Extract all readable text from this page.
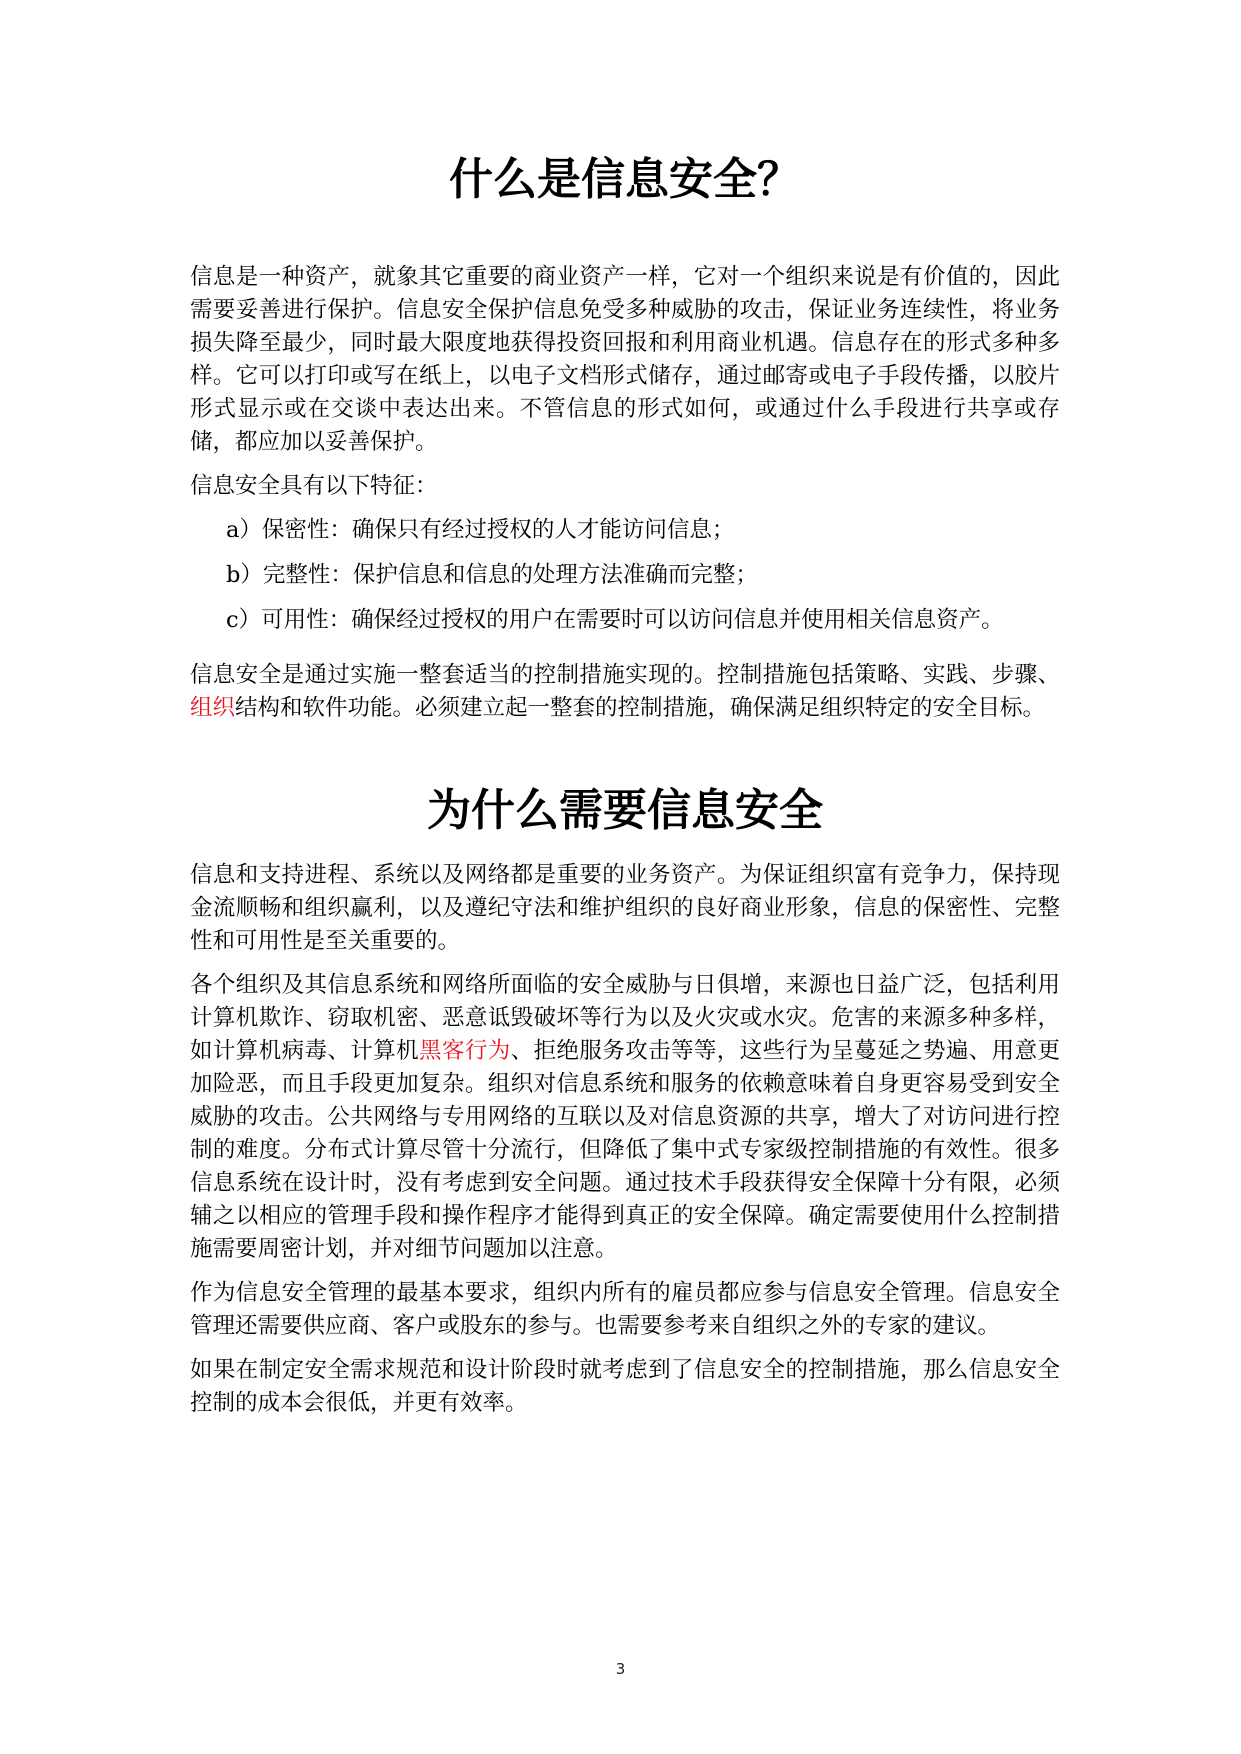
什么是信息安全？

信息是一种资产，就象其它重要的商业资产一样，它对一个组织来说是有价值的，因此需要妥善进行保护。信息安全保护信息免受多种威胁的攻击，保证业务连续性，将业务损失降至最少，同时最大限度地获得投资回报和利用商业机遇。信息存在的形式多种多样。它可以打印或写在纸上，以电子文档形式储存，通过邮寄或电子手段传播，以胶片形式显示或在交谈中表达出来。不管信息的形式如何，或通过什么手段进行共享或存储，都应加以妥善保护。

信息安全具有以下特征：

a）保密性：确保只有经过授权的人才能访问信息；
b）完整性：保护信息和信息的处理方法准确而完整；
c）可用性：确保经过授权的用户在需要时可以访问信息并使用相关信息资产。

信息安全是通过实施一整套适当的控制措施实现的。控制措施包括策略、实践、步骤、组织结构和软件功能。必须建立起一整套的控制措施，确保满足组织特定的安全目标。

为什么需要信息安全

信息和支持进程、系统以及网络都是重要的业务资产。为保证组织富有竞争力，保持现金流顺畅和组织赢利，以及遵纪守法和维护组织的良好商业形象，信息的保密性、完整性和可用性是至关重要的。

各个组织及其信息系统和网络所面临的安全威胁与日俱增，来源也日益广泛，包括利用计算机欺诈、窃取机密、恶意诋毁破坏等行为以及火灾或水灾。危害的来源多种多样，如计算机病毒、计算机黑客行为、拒绝服务攻击等等，这些行为呈蔓延之势遍、用意更加险恶，而且手段更加复杂。组织对信息系统和服务的依赖意味着自身更容易受到安全威胁的攻击。公共网络与专用网络的互联以及对信息资源的共享，增大了对访问进行控制的难度。分布式计算尽管十分流行，但降低了集中式专家级控制措施的有效性。很多信息系统在设计时，没有考虑到安全问题。通过技术手段获得安全保障十分有限，必须辅之以相应的管理手段和操作程序才能得到真正的安全保障。确定需要使用什么控制措施需要周密计划，并对细节问题加以注意。

作为信息安全管理的最基本要求，组织内所有的雇员都应参与信息安全管理。信息安全管理还需要供应商、客户或股东的参与。也需要参考来自组织之外的专家的建议。

如果在制定安全需求规范和设计阶段时就考虑到了信息安全的控制措施，那么信息安全控制的成本会很低，并更有效率。

3
